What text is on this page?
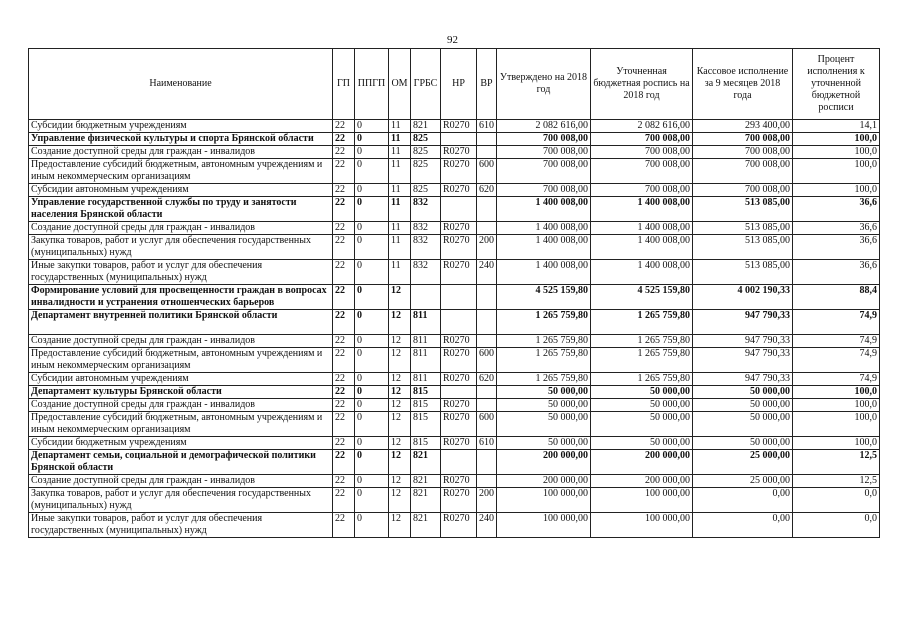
92
Наименование	ГП	ППГП	ОМ	ГРБС	НР	ВР	Утверждено на 2018 год	Уточненная бюджетная роспись на 2018 год	Кассовое исполнение за 9 месяцев 2018 года	Процент исполнения к уточненной бюджетной росписи
Субсидии бюджетным учреждениям	22	0	11	821	R0270	610	2 082 616,00	2 082 616,00	293 400,00	14,1
Управление физической культуры и спорта Брянской области	22	0	11	825			700 008,00	700 008,00	700 008,00	100,0
Создание доступной среды для граждан - инвалидов	22	0	11	825	R0270		700 008,00	700 008,00	700 008,00	100,0
Предоставление субсидий бюджетным, автономным учреждениям и иным некоммерческим организациям	22	0	11	825	R0270	600	700 008,00	700 008,00	700 008,00	100,0
Субсидии автономным учреждениям	22	0	11	825	R0270	620	700 008,00	700 008,00	700 008,00	100,0
Управление государственной службы по труду и занятости населения Брянской области	22	0	11	832			1 400 008,00	1 400 008,00	513 085,00	36,6
Создание доступной среды для граждан - инвалидов	22	0	11	832	R0270		1 400 008,00	1 400 008,00	513 085,00	36,6
Закупка товаров, работ и услуг для обеспечения государственных (муниципальных) нужд	22	0	11	832	R0270	200	1 400 008,00	1 400 008,00	513 085,00	36,6
Иные закупки товаров, работ и услуг для обеспечения государственных (муниципальных) нужд	22	0	11	832	R0270	240	1 400 008,00	1 400 008,00	513 085,00	36,6
Формирование условий для просвещенности граждан в вопросах инвалидности и устранения отношенческих барьеров	22	0	12				4 525 159,80	4 525 159,80	4 002 190,33	88,4
Департамент внутренней политики Брянской области	22	0	12	811			1 265 759,80	1 265 759,80	947 790,33	74,9
Создание доступной среды для граждан - инвалидов	22	0	12	811	R0270		1 265 759,80	1 265 759,80	947 790,33	74,9
Предоставление субсидий бюджетным, автономным учреждениям и иным некоммерческим организациям	22	0	12	811	R0270	600	1 265 759,80	1 265 759,80	947 790,33	74,9
Субсидии автономным учреждениям	22	0	12	811	R0270	620	1 265 759,80	1 265 759,80	947 790,33	74,9
Департамент культуры Брянской области	22	0	12	815			50 000,00	50 000,00	50 000,00	100,0
Создание доступной среды для граждан - инвалидов	22	0	12	815	R0270		50 000,00	50 000,00	50 000,00	100,0
Предоставление субсидий бюджетным, автономным учреждениям и иным некоммерческим организациям	22	0	12	815	R0270	600	50 000,00	50 000,00	50 000,00	100,0
Субсидии бюджетным учреждениям	22	0	12	815	R0270	610	50 000,00	50 000,00	50 000,00	100,0
Департамент семьи, социальной и демографической политики Брянской области	22	0	12	821			200 000,00	200 000,00	25 000,00	12,5
Создание доступной среды для граждан - инвалидов	22	0	12	821	R0270		200 000,00	200 000,00	25 000,00	12,5
Закупка товаров, работ и услуг для обеспечения государственных (муниципальных) нужд	22	0	12	821	R0270	200	100 000,00	100 000,00	0,00	0,0
Иные закупки товаров, работ и услуг для обеспечения государственных (муниципальных) нужд	22	0	12	821	R0270	240	100 000,00	100 000,00	0,00	0,0
